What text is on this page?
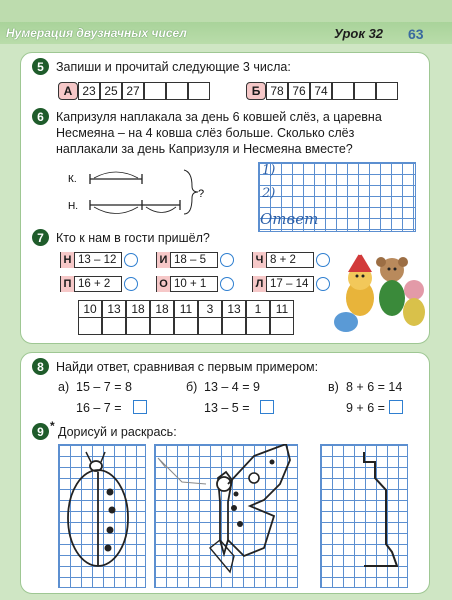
Нумерация двузначных чисел	Урок 32 63
5 Запиши и прочитай следующие 3 числа:
А 23 25 27	Б 78 76 74
6 Капризуля наплакала за день 6 ковшей слёз, а царевна
Несмеяна – на 4 ковша слёз больше. Сколько слёз
наплакали за день Капризуля и Несмеяна вместе?
К.
Н.
?
1)
2)
Ответ
7 Кто к нам в гости пришёл?
Н 13 – 12	И 18 – 5	Ч 8 + 2
П 16 + 2	О 10 + 1	Л 17 – 14
10 13 18 18 11	3	13	1	11
8 Найди ответ, сравнивая с первым примером:
а) 15 – 7 = 8
16 – 7 =
б) 13 – 4 = 9
13 – 5 =
в) 8 + 6 = 14
9 + 6 =
9 * Дорисуй и раскрась:
